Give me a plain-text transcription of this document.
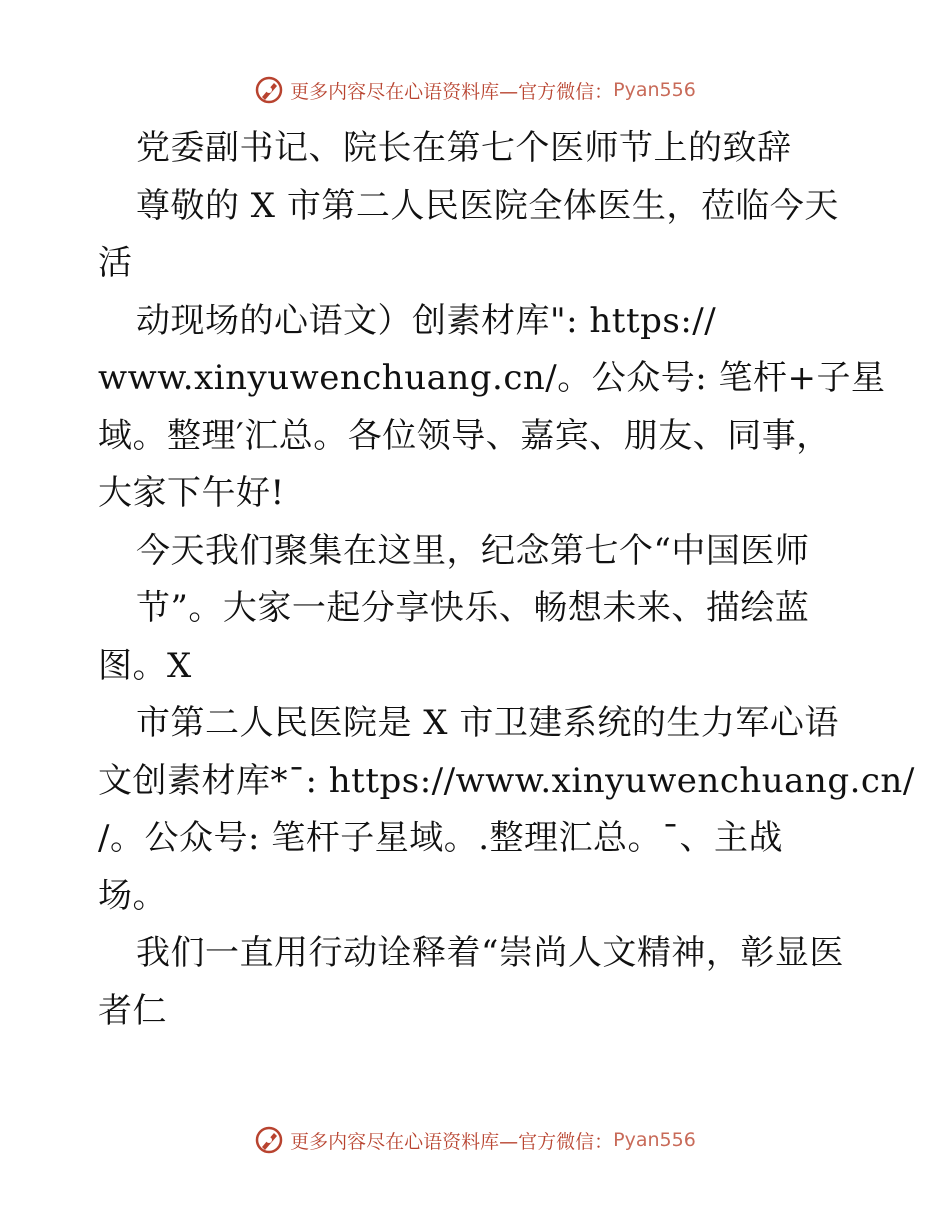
更多内容尽在心语资料库—官方微信： Pyan556
党委副书记、院长在第七个医师节上的致辞
尊敬的 X 市第二人民医院全体医生，莅临今天
活
动现场的心语文）创素材库": https://
www.xinyuwenchuang.cn/。公众号: 笔杆+子星
域。整理′汇总。各位领导、嘉宾、朋友、同事，
大家下午好!
今天我们聚集在这里，纪念第七个“中国医师
节”。大家一起分享快乐、畅想未来、描绘蓝
图。X
市第二人民医院是 X 市卫建系统的生力军心语
文创素材库*¯: https://www.xinyuwenchuang.cn/
/。公众号: 笔杆子星域。.整理汇总。¯、主战
场。
我们一直用行动诠释着“崇尚人文精神，彰显医
者仁
更多内容尽在心语资料库—官方微信： Pyan556
